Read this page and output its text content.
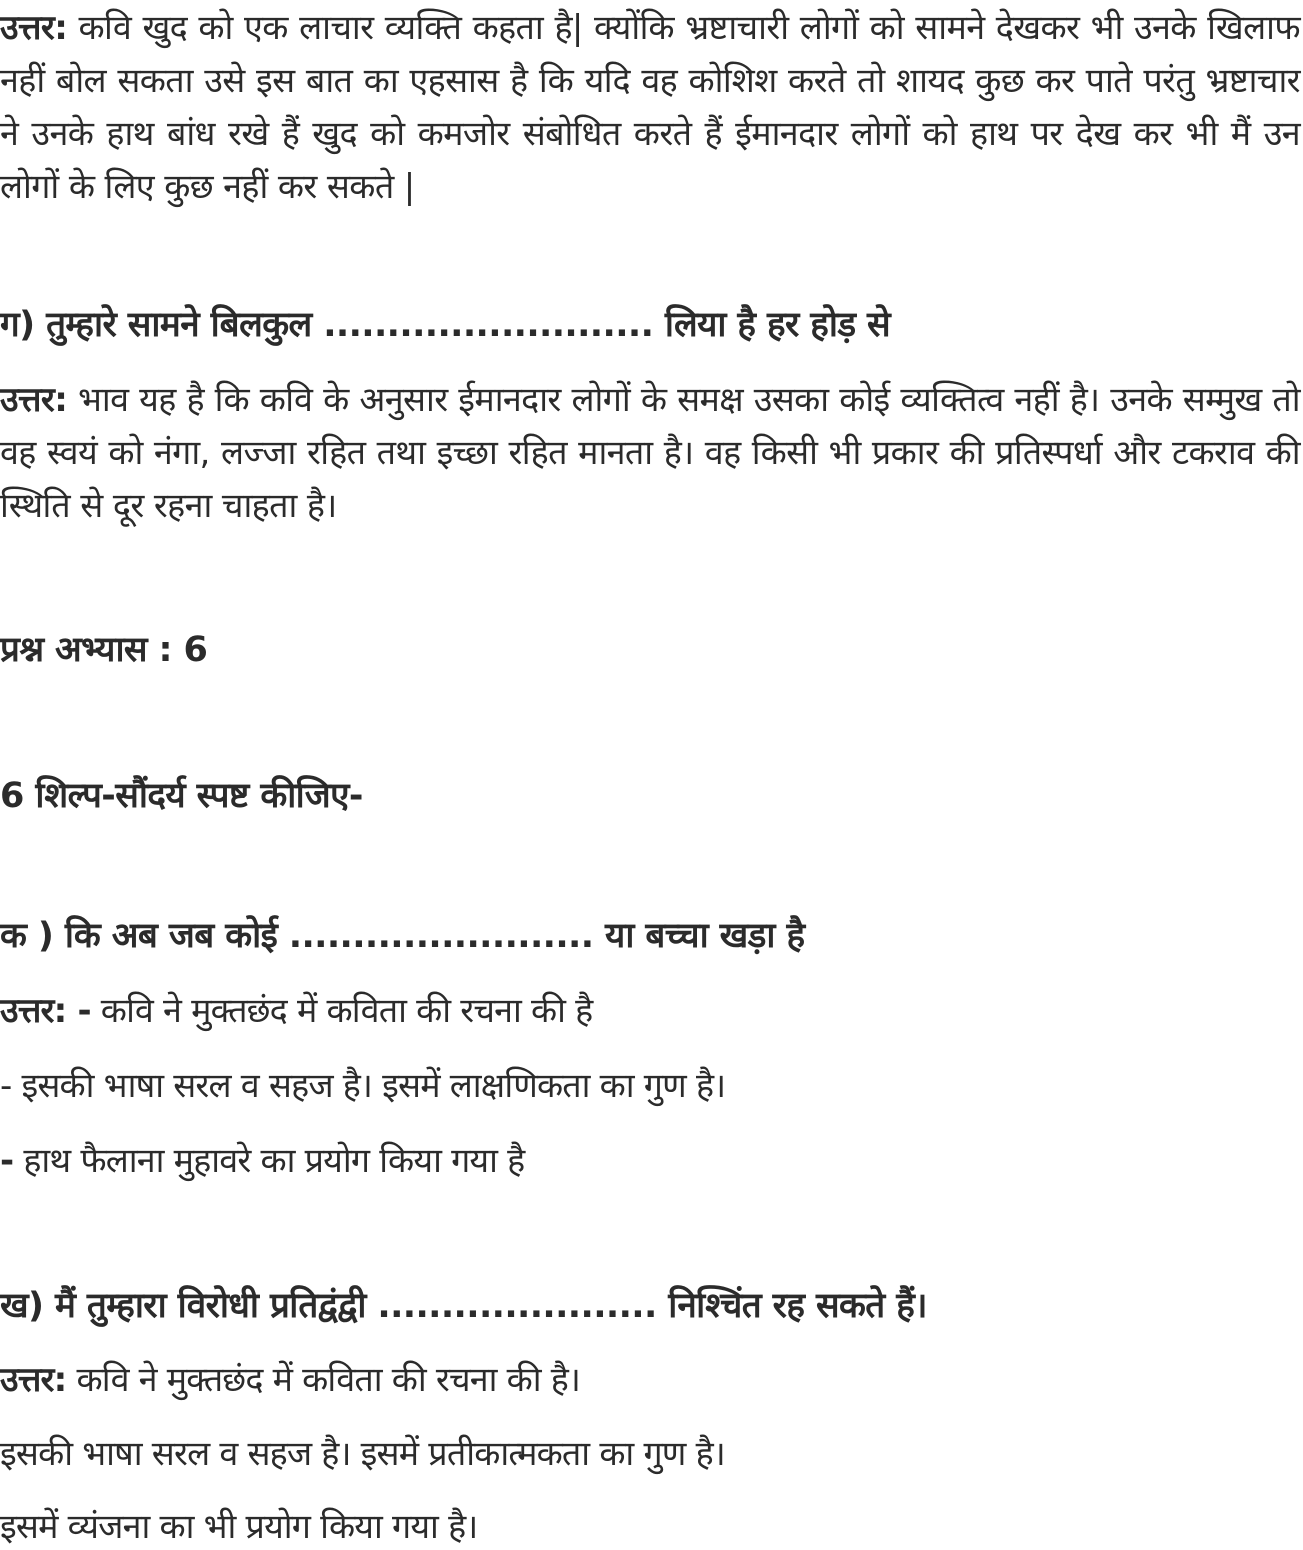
उत्तर: कवि खुद को एक लाचार व्यक्ति कहता है| क्योंकि भ्रष्टाचारी लोगों को सामने देखकर भी उनके खिलाफ नहीं बोल सकता उसे इस बात का एहसास है कि यदि वह कोशिश करते तो शायद कुछ कर पाते परंतु भ्रष्टाचार ने उनके हाथ बांध रखे हैं खुद को कमजोर संबोधित करते हैं ईमानदार लोगों को हाथ पर देख कर भी मैं उन लोगों के लिए कुछ नहीं कर सकते |

ग) तुम्हारे सामने बिलकुल .......................... लिया है हर होड़ से

उत्तर: भाव यह है कि कवि के अनुसार ईमानदार लोगों के समक्ष उसका कोई व्यक्तित्व नहीं है। उनके सम्मुख तो वह स्वयं को नंगा, लज्जा रहित तथा इच्छा रहित मानता है। वह किसी भी प्रकार की प्रतिस्पर्धा और टकराव की स्थिति से दूर रहना चाहता है।

प्रश्न अभ्यास : 6

6 शिल्प-सौंदर्य स्पष्ट कीजिए-

क ) कि अब जब कोई ........................ या बच्चा खड़ा है

उत्तर: - कवि ने मुक्तछंद में कविता की रचना की है

- इसकी भाषा सरल व सहज है। इसमें लाक्षणिकता का गुण है।

- हाथ फैलाना मुहावरे का प्रयोग किया गया है

ख) मैं तुम्हारा विरोधी प्रतिद्वंद्वी ...................... निश्चिंत रह सकते हैं।

उत्तर: कवि ने मुक्तछंद में कविता की रचना की है।

इसकी भाषा सरल व सहज है। इसमें प्रतीकात्मकता का गुण है।

इसमें व्यंजना का भी प्रयोग किया गया है।
